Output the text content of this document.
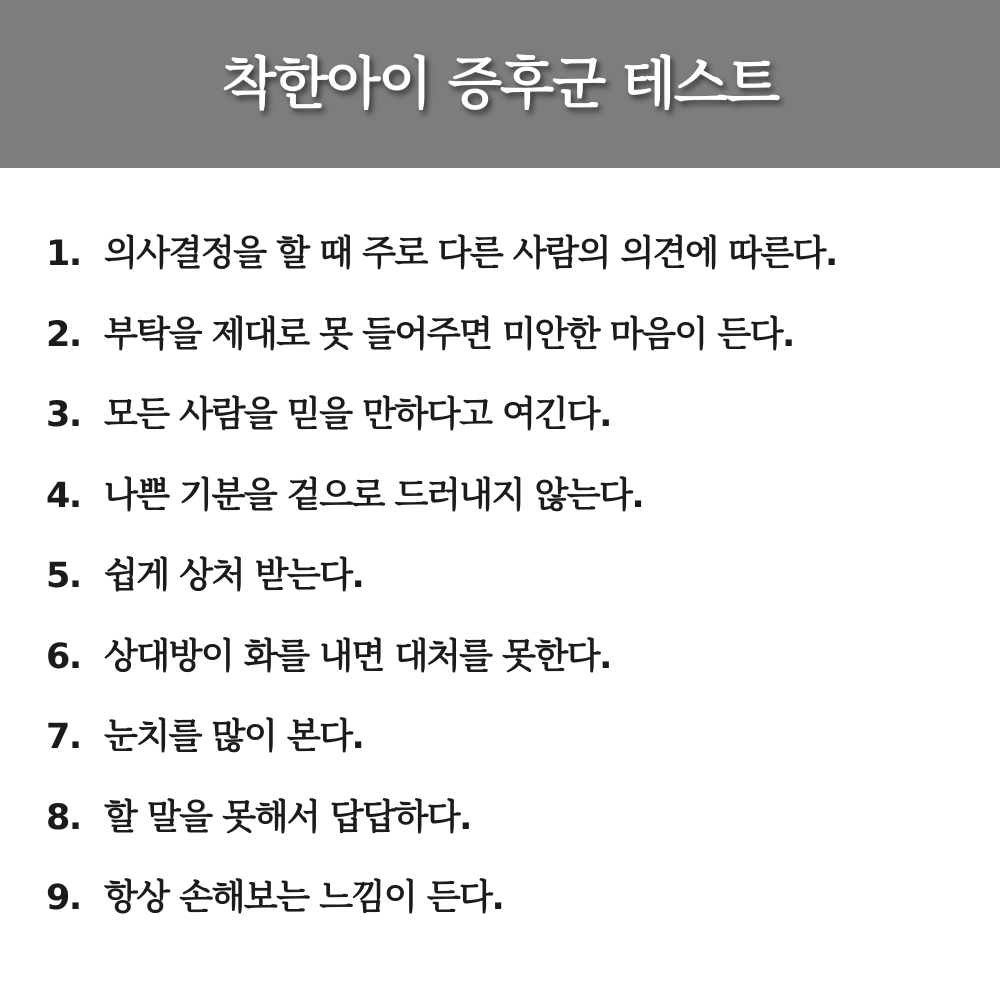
착한아이 증후군 테스트
1. 의사결정을 할 때 주로 다른 사람의 의견에 따른다.
2. 부탁을 제대로 못 들어주면 미안한 마음이 든다.
3. 모든 사람을 믿을 만하다고 여긴다.
4. 나쁜 기분을 겉으로 드러내지 않는다.
5. 쉽게 상처 받는다.
6. 상대방이 화를 내면 대처를 못한다.
7. 눈치를 많이 본다.
8. 할 말을 못해서 답답하다.
9. 항상 손해보는 느낌이 든다.
